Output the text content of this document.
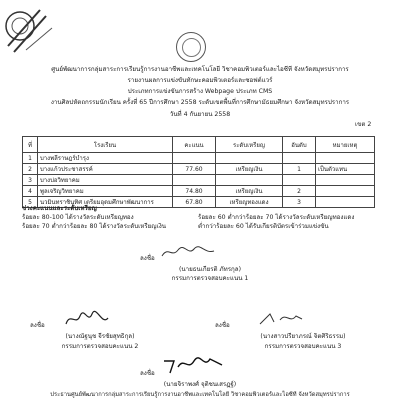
ศูนย์พัฒนาการกลุ่มสาระการเรียนรู้การงานอาชีพและเทคโนโลยี วิชาคอมพิวเตอร์และไอซีที จังหวัดสมุทรปราการ
รายงานผลการแข่งขันทักษะคอมพิวเตอร์และซอฟต์แวร์
ประเภทการแข่งขันการสร้าง Webpage ประเภท CMS
งานศิลปหัตถกรรมนักเรียน ครั้งที่ 65 ปีการศึกษา 2558 ระดับเขตพื้นที่การศึกษามัธยมศึกษา จังหวัดสมุทรปราการ
วันที่ 4 กันยายน 2558
เขต 2
ที่	โรงเรียน	คะแนน	ระดับเหรียญ	อันดับ	หมายเหตุ
1	บางพลีราษฎร์บำรุง				
2	บางแก้วประชาสรรค์	77.60	เหรียญเงิน	1	เป็นตัวแทน
3	บางบ่อวิทยาคม				
4	พูลเจริญวิทยาคม	74.80	เหรียญเงิน	2	
5	นวมินทราชินูทิศ เตรียมอุดมศึกษาพัฒนาการ	67.80	เหรียญทองแดง	3	
ช่วงคะแนนและระดับเหรียญ
ร้อยละ 80-100 ได้รางวัลระดับเหรียญทอง	ร้อยละ 60 ต่ำกว่าร้อยละ 70 ได้รางวัลระดับเหรียญทองแดง
ร้อยละ 70 ต่ำกว่าร้อยละ 80 ได้รางวัลระดับเหรียญเงิน	ต่ำกว่าร้อยละ 60 ได้รับเกียรติบัตรเข้าร่วมแข่งขัน
ลงชื่อ
(นายธนเกียรติ ภัทรกุล)
กรรมการตรวจสอบคะแนน 1
ลงชื่อ
(นางณัฐนุช จีรชัยสุทธิกุล)
กรรมการตรวจสอบคะแนน 2
ลงชื่อ
(นางสาวปรียาภรณ์ จิตศิริธรรม)
กรรมการตรวจสอบคะแนน 3
ลงชื่อ
(นายจิราพงศ์ จุติชนเสรฏฐ์)
ประธานศูนย์พัฒนาการกลุ่มสาระการเรียนรู้การงานอาชีพและเทคโนโลยี วิชาคอมพิวเตอร์และไอซีที จังหวัดสมุทรปราการ
